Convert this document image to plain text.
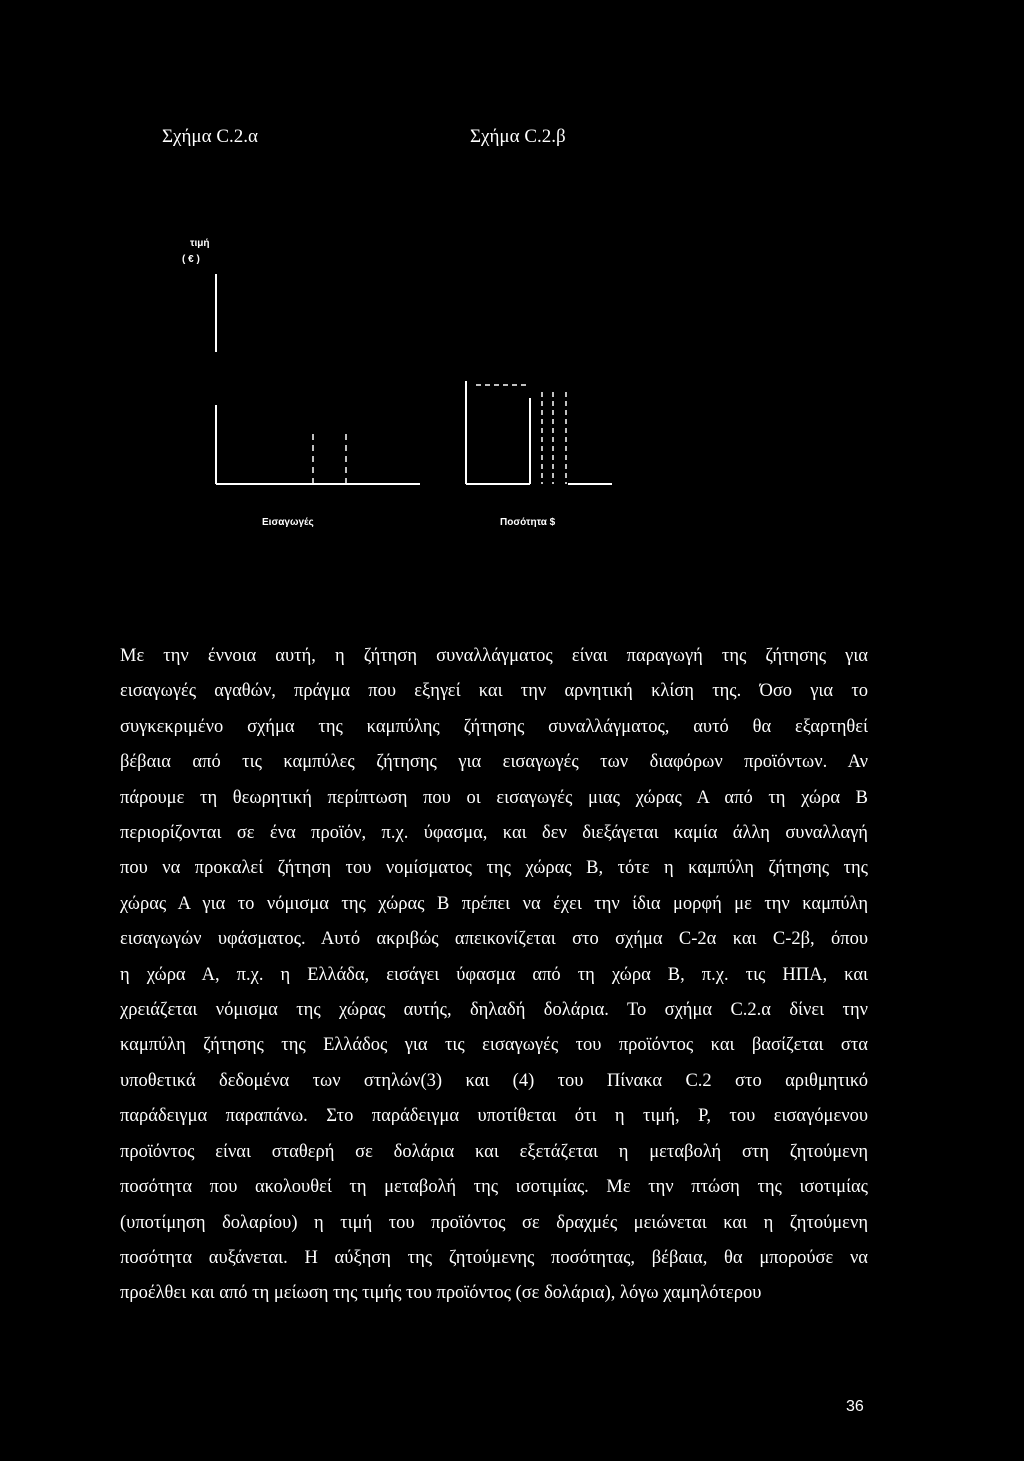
Σχήμα C.2.α	Σχήμα C.2.β
τιμή
( € )
Εισαγωγές	Ποσότητα $

Με την έννοια αυτή, η ζήτηση συναλλάγματος είναι παραγωγή της ζήτησης για

εισαγωγές αγαθών, πράγμα που εξηγεί και την αρνητική κλίση της. Όσο για το

συγκεκριμένο σχήμα της καμπύλης ζήτησης συναλλάγματος, αυτό θα εξαρτηθεί

βέβαια από τις καμπύλες ζήτησης για εισαγωγές των διαφόρων προϊόντων. Αν

πάρουμε τη θεωρητική περίπτωση που οι εισαγωγές μιας χώρας Α από τη χώρα Β

περιορίζονται σε ένα προϊόν, π.χ. ύφασμα, και δεν διεξάγεται καμία άλλη συναλλαγή

που να προκαλεί ζήτηση του νομίσματος της χώρας Β, τότε η καμπύλη ζήτησης της

χώρας Α για το νόμισμα της χώρας Β πρέπει να έχει την ίδια μορφή με την καμπύλη

εισαγωγών υφάσματος. Αυτό ακριβώς απεικονίζεται στο σχήμα C-2α και C-2β, όπου

η χώρα Α, π.χ. η Ελλάδα, εισάγει ύφασμα από τη χώρα Β, π.χ. τις ΗΠΑ, και

χρειάζεται νόμισμα της χώρας αυτής, δηλαδή δολάρια. Το σχήμα C.2.α δίνει την

καμπύλη ζήτησης της Ελλάδος για τις εισαγωγές του προϊόντος και βασίζεται στα

υποθετικά δεδομένα των στηλών(3) και (4) του Πίνακα C.2 στο αριθμητικό

παράδειγμα παραπάνω. Στο παράδειγμα υποτίθεται ότι η τιμή, Ρ, του εισαγόμενου

προϊόντος είναι σταθερή σε δολάρια και εξετάζεται η μεταβολή στη ζητούμενη

ποσότητα που ακολουθεί τη μεταβολή της ισοτιμίας. Με την πτώση της ισοτιμίας

(υποτίμηση δολαρίου) η τιμή του προϊόντος σε δραχμές μειώνεται και η ζητούμενη

ποσότητα αυξάνεται. Η αύξηση της ζητούμενης ποσότητας, βέβαια, θα μπορούσε να

προέλθει και από τη μείωση της τιμής του προϊόντος (σε δολάρια), λόγω χαμηλότερου

36
